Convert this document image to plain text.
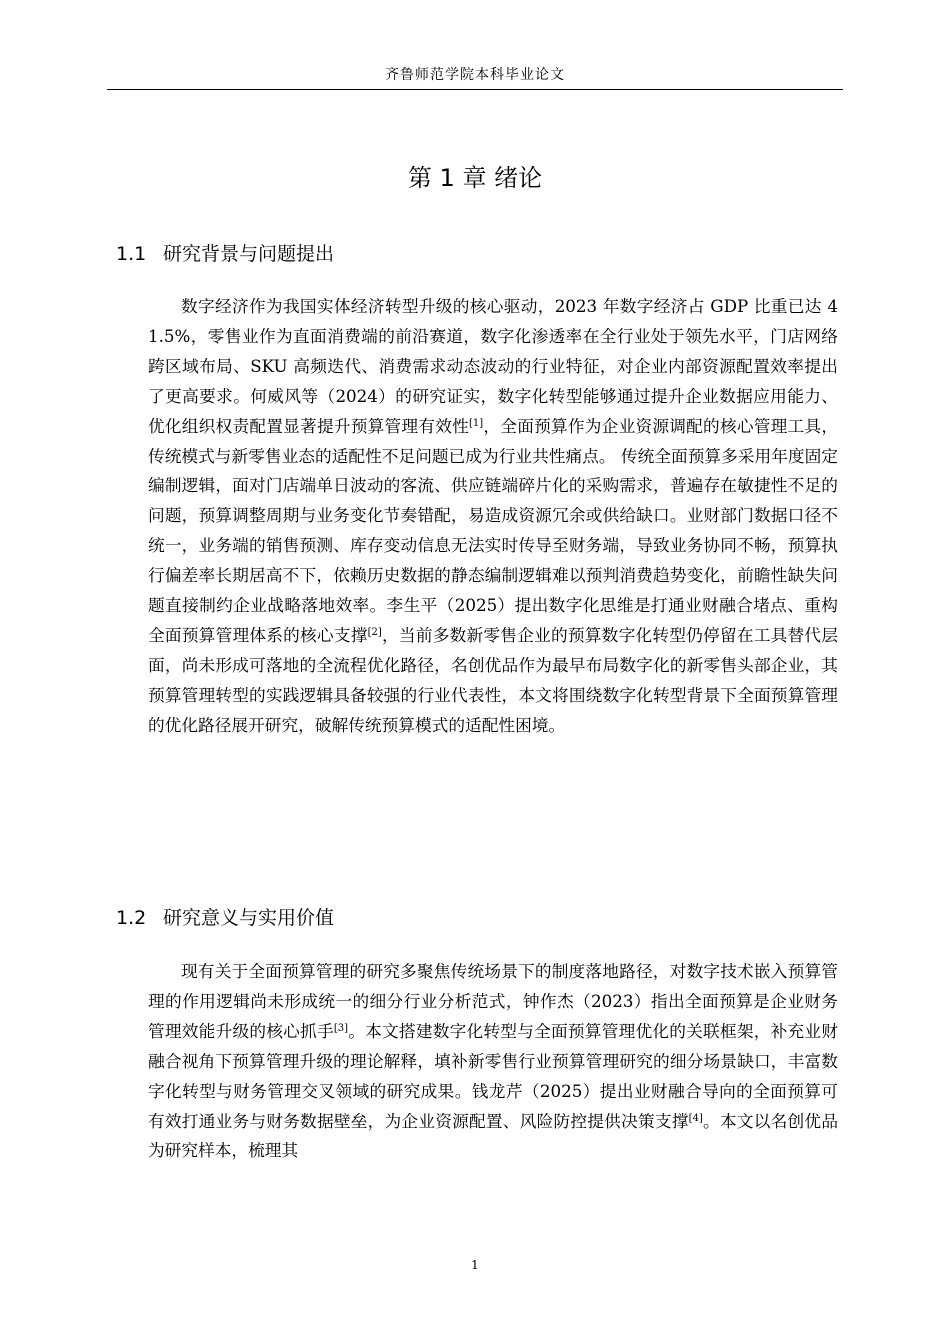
齐鲁师范学院本科毕业论文
第 1 章 绪论
1.1 研究背景与问题提出
数字经济作为我国实体经济转型升级的核心驱动，2023 年数字经济占 GDP 比重已达 41.5%，零售业作为直面消费端的前沿赛道，数字化渗透率在全行业处于领先水平，门店网络跨区域布局、SKU 高频迭代、消费需求动态波动的行业特征，对企业内部资源配置效率提出了更高要求。何威风等（2024）的研究证实，数字化转型能够通过提升企业数据应用能力、优化组织权责配置显著提升预算管理有效性[1]，全面预算作为企业资源调配的核心管理工具，传统模式与新零售业态的适配性不足问题已成为行业共性痛点。 传统全面预算多采用年度固定编制逻辑，面对门店端单日波动的客流、供应链端碎片化的采购需求，普遍存在敏捷性不足的问题，预算调整周期与业务变化节奏错配，易造成资源冗余或供给缺口。业财部门数据口径不统一，业务端的销售预测、库存变动信息无法实时传导至财务端，导致业务协同不畅，预算执行偏差率长期居高不下，依赖历史数据的静态编制逻辑难以预判消费趋势变化，前瞻性缺失问题直接制约企业战略落地效率。李生平（2025）提出数字化思维是打通业财融合堵点、重构全面预算管理体系的核心支撑[2]，当前多数新零售企业的预算数字化转型仍停留在工具替代层面，尚未形成可落地的全流程优化路径，名创优品作为最早布局数字化的新零售头部企业，其预算管理转型的实践逻辑具备较强的行业代表性，本文将围绕数字化转型背景下全面预算管理的优化路径展开研究，破解传统预算模式的适配性困境。
1.2 研究意义与实用价值
现有关于全面预算管理的研究多聚焦传统场景下的制度落地路径，对数字技术嵌入预算管理的作用逻辑尚未形成统一的细分行业分析范式，钟作杰（2023）指出全面预算是企业财务管理效能升级的核心抓手[3]。本文搭建数字化转型与全面预算管理优化的关联框架，补充业财融合视角下预算管理升级的理论解释，填补新零售行业预算管理研究的细分场景缺口，丰富数字化转型与财务管理交叉领域的研究成果。钱龙芹（2025）提出业财融合导向的全面预算可有效打通业务与财务数据壁垒，为企业资源配置、风险防控提供决策支撑[4]。本文以名创优品为研究样本，梳理其
1
